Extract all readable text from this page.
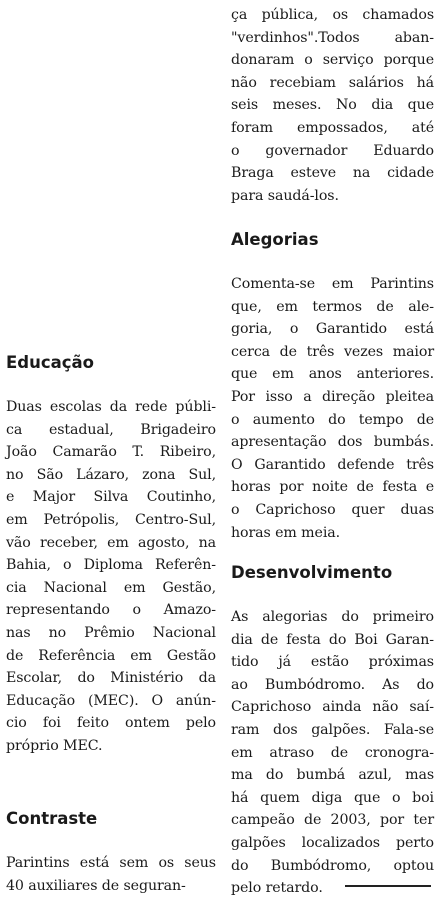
Educação

Duas escolas da rede públi-
ca estadual, Brigadeiro
João Camarão T. Ribeiro,
no São Lázaro, zona Sul,
e Major Silva Coutinho,
em Petrópolis, Centro-Sul,
vão receber, em agosto, na
Bahia, o Diploma Referên-
cia Nacional em Gestão,
representando o Amazo-
nas no Prêmio Nacional
de Referência em Gestão
Escolar, do Ministério da
Educação (MEC). O anún-
cio foi feito ontem pelo
próprio MEC.

Contraste

Parintins está sem os seus
40 auxiliares de seguran-

ça pública, os chamados
"verdinhos".Todos aban-
donaram o serviço porque
não recebiam salários há
seis meses. No dia que
foram empossados, até
o governador Eduardo
Braga esteve na cidade
para saudá-los.

Alegorias

Comenta-se em Parintins
que, em termos de ale-
goria, o Garantido está
cerca de três vezes maior
que em anos anteriores.
Por isso a direção pleitea
o aumento do tempo de
apresentação dos bumbás.
O Garantido defende três
horas por noite de festa e
o Caprichoso quer duas
horas em meia.

Desenvolvimento

As alegorias do primeiro
dia de festa do Boi Garan-
tido já estão próximas
ao Bumbódromo. As do
Caprichoso ainda não saí-
ram dos galpões. Fala-se
em atraso de cronogra-
ma do bumbá azul, mas
há quem diga que o boi
campeão de 2003, por ter
galpões localizados perto
do Bumbódromo, optou
pelo retardo.
